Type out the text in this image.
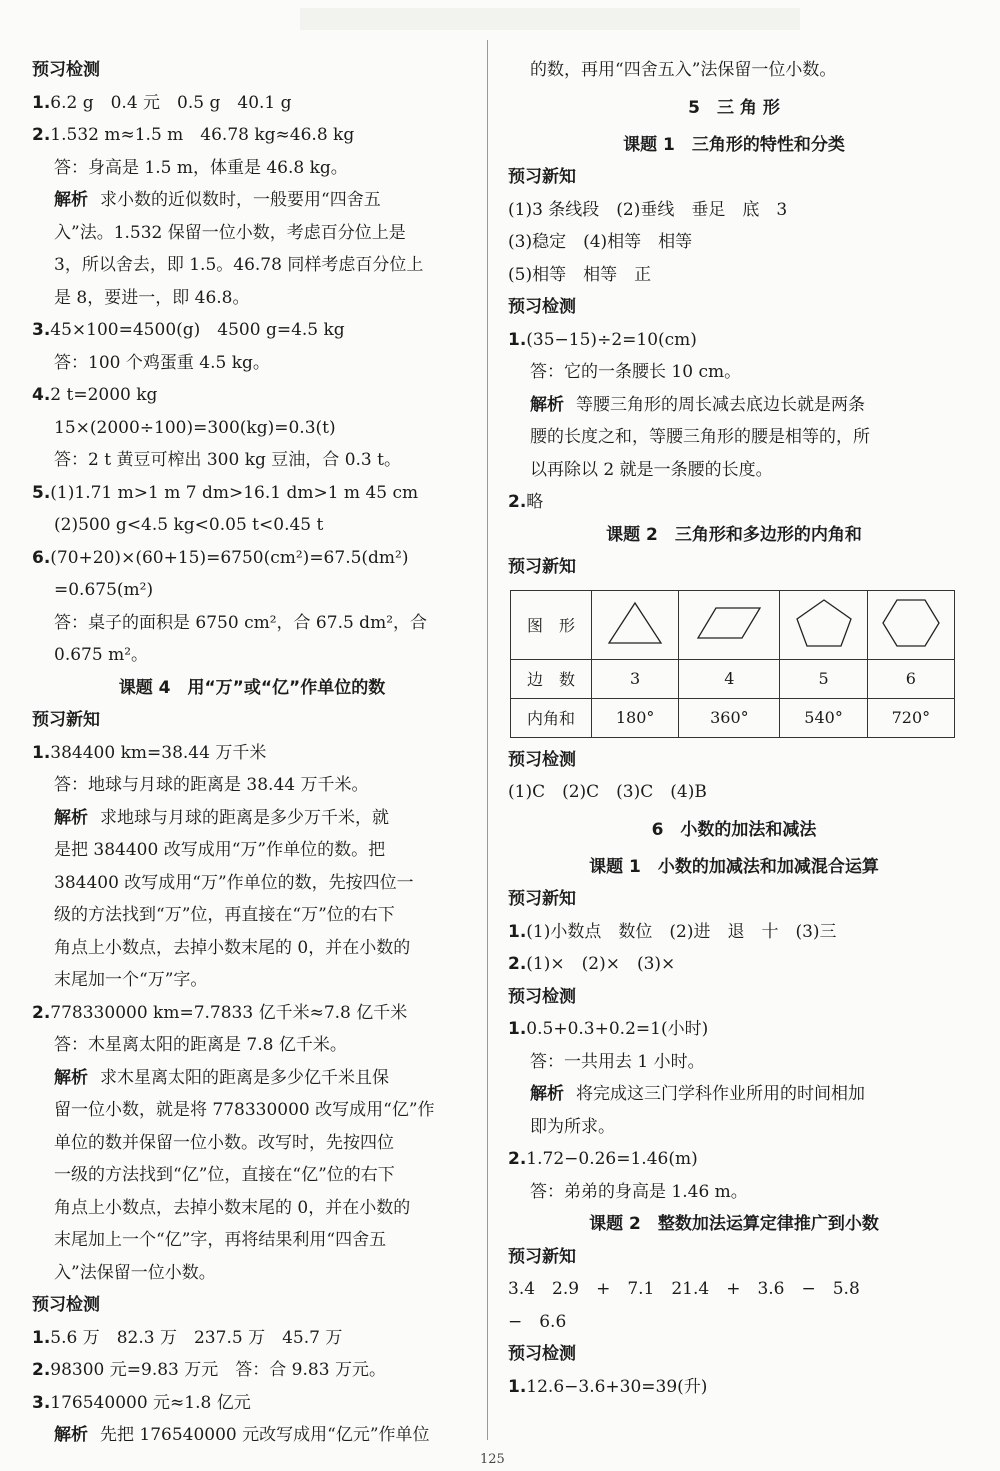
预习检测
1.6.2 g　0.4 元　0.5 g　40.1 g
2.1.532 m≈1.5 m　46.78 kg≈46.8 kg
答：身高是 1.5 m，体重是 46.8 kg。
解析 求小数的近似数时，一般要用“四舍五
入”法。1.532 保留一位小数，考虑百分位上是
3，所以舍去，即 1.5。46.78 同样考虑百分位上
是 8，要进一，即 46.8。
3.45×100=4500(g)　4500 g=4.5 kg
答：100 个鸡蛋重 4.5 kg。
4.2 t=2000 kg
15×(2000÷100)=300(kg)=0.3(t)
答：2 t 黄豆可榨出 300 kg 豆油，合 0.3 t。
5.(1)1.71 m>1 m 7 dm>16.1 dm>1 m 45 cm
(2)500 g<4.5 kg<0.05 t<0.45 t
6.(70+20)×(60+15)=6750(cm²)=67.5(dm²)
=0.675(m²)
答：桌子的面积是 6750 cm²，合 67.5 dm²，合
0.675 m²。
课题 4　用“万”或“亿”作单位的数
预习新知
1.384400 km=38.44 万千米
答：地球与月球的距离是 38.44 万千米。
解析 求地球与月球的距离是多少万千米，就
是把 384400 改写成用“万”作单位的数。把
384400 改写成用“万”作单位的数，先按四位一
级的方法找到“万”位，再直接在“万”位的右下
角点上小数点，去掉小数末尾的 0，并在小数的
末尾加一个“万”字。
2.778330000 km=7.7833 亿千米≈7.8 亿千米
答：木星离太阳的距离是 7.8 亿千米。
解析 求木星离太阳的距离是多少亿千米且保
留一位小数，就是将 778330000 改写成用“亿”作
单位的数并保留一位小数。改写时，先按四位
一级的方法找到“亿”位，直接在“亿”位的右下
角点上小数点，去掉小数末尾的 0，并在小数的
末尾加上一个“亿”字，再将结果利用“四舍五
入”法保留一位小数。
预习检测
1.5.6 万　82.3 万　237.5 万　45.7 万
2.98300 元=9.83 万元　答：合 9.83 万元。
3.176540000 元≈1.8 亿元
解析 先把 176540000 元改写成用“亿元”作单位
的数，再用“四舍五入”法保留一位小数。
5　三 角 形
课题 1　三角形的特性和分类
预习新知
(1)3 条线段　(2)垂线　垂足　底　3
(3)稳定　(4)相等　相等
(5)相等　相等　正
预习检测
1.(35−15)÷2=10(cm)
答：它的一条腰长 10 cm。
解析 等腰三角形的周长减去底边长就是两条
腰的长度之和，等腰三角形的腰是相等的，所
以再除以 2 就是一条腰的长度。
2.略
课题 2　三角形和多边形的内角和
预习新知
图　形				
边　数	3	4	5	6
内角和	180°	360°	540°	720°
预习检测
(1)C　(2)C　(3)C　(4)B
6　小数的加法和减法
课题 1　小数的加减法和加减混合运算
预习新知
1.(1)小数点　数位　(2)进　退　十　(3)三
2.(1)×　(2)×　(3)×
预习检测
1.0.5+0.3+0.2=1(小时)
答：一共用去 1 小时。
解析 将完成这三门学科作业所用的时间相加
即为所求。
2.1.72−0.26=1.46(m)
答：弟弟的身高是 1.46 m。
课题 2　整数加法运算定律推广到小数
预习新知
3.4　2.9　+　7.1　21.4　+　3.6　−　5.8
−　6.6
预习检测
1.12.6−3.6+30=39(升)
125
